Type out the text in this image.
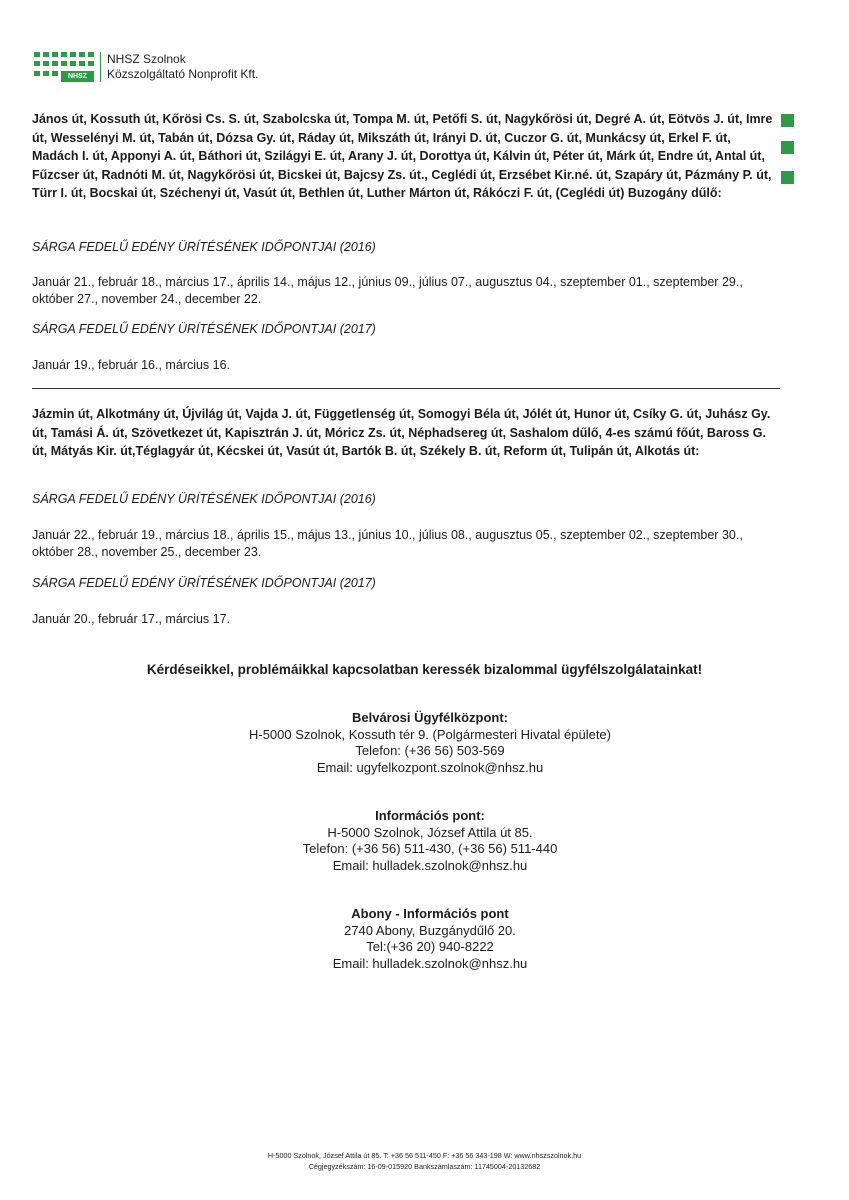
NHSZ
NHSZ Szolnok
Közszolgáltató Nonprofit Kft.

János út, Kossuth út, Kőrösi Cs. S. út, Szabolcska út, Tompa M. út, Petőfi S. út, Nagykőrösi út, Degré A. út, Eötvös J. út, Imre út, Wesselényi M. út, Tabán út, Dózsa Gy. út, Ráday út, Mikszáth út, Irányi D. út, Cuczor G. út, Munkácsy út, Erkel F. út, Madách I. út, Apponyi A. út, Báthori út, Szilágyi E. út, Arany J. út, Dorottya út, Kálvin út, Péter út, Márk út, Endre út, Antal út, Fűzcser út, Radnóti M. út, Nagykőrösi út, Bicskei út, Bajcsy Zs. út., Ceglédi út, Erzsébet Kir.né. út, Szapáry út, Pázmány P. út, Türr I. út, Bocskai út, Széchenyi út, Vasút út, Bethlen út, Luther Márton út, Rákóczi F. út, (Ceglédi út) Buzogány dűlő:

SÁRGA FEDELŰ EDÉNY ÜRÍTÉSÉNEK IDŐPONTJAI (2016)

Január 21., február 18., március 17., április 14., május 12., június 09., július 07., augusztus 04., szeptember 01., szeptember 29., október 27., november 24., december 22.

SÁRGA FEDELŰ EDÉNY ÜRÍTÉSÉNEK IDŐPONTJAI (2017)

Január 19., február 16., március 16.

Jázmin út, Alkotmány út, Újvilág út, Vajda J. út, Függetlenség út, Somogyi Béla út, Jólét út, Hunor út, Csíky G. út, Juhász Gy. út, Tamási Á. út, Szövetkezet út, Kapisztrán J. út, Móricz Zs. út, Néphadsereg út, Sashalom dűlő, 4-es számú főút, Baross G. út, Mátyás Kir. út,Téglagyár út, Kécskei út, Vasút út, Bartók B. út, Székely B. út, Reform út, Tulipán út, Alkotás út:

SÁRGA FEDELŰ EDÉNY ÜRÍTÉSÉNEK IDŐPONTJAI (2016)

Január 22., február 19., március 18., április 15., május 13., június 10., július 08., augusztus 05., szeptember 02., szeptember 30., október 28., november 25., december 23.

SÁRGA FEDELŰ EDÉNY ÜRÍTÉSÉNEK IDŐPONTJAI (2017)

Január 20., február 17., március 17.

Kérdéseikkel, problémáikkal kapcsolatban keressék bizalommal ügyfélszolgálatainkat!
Belvárosi Ügyfélközpont:
H-5000 Szolnok, Kossuth tér 9. (Polgármesteri Hivatal épülete)
Telefon: (+36 56) 503-569
Email: ugyfelkozpont.szolnok@nhsz.hu
Információs pont:
H-5000 Szolnok, József Attila út 85.
Telefon: (+36 56) 511-430, (+36 56) 511-440
Email: hulladek.szolnok@nhsz.hu
Abony - Információs pont
2740 Abony, Buzgánydűlő 20.
Tel:(+36 20) 940-8222
Email: hulladek.szolnok@nhsz.hu
H-5000 Szolnok, József Attila út 85. T: +36 56 511-450 F: +36 56 343-198 W: www.nhszszolnok.hu
Cégjegyzékszám: 16-09-015920 Bankszámlaszám: 11745004-20132682
